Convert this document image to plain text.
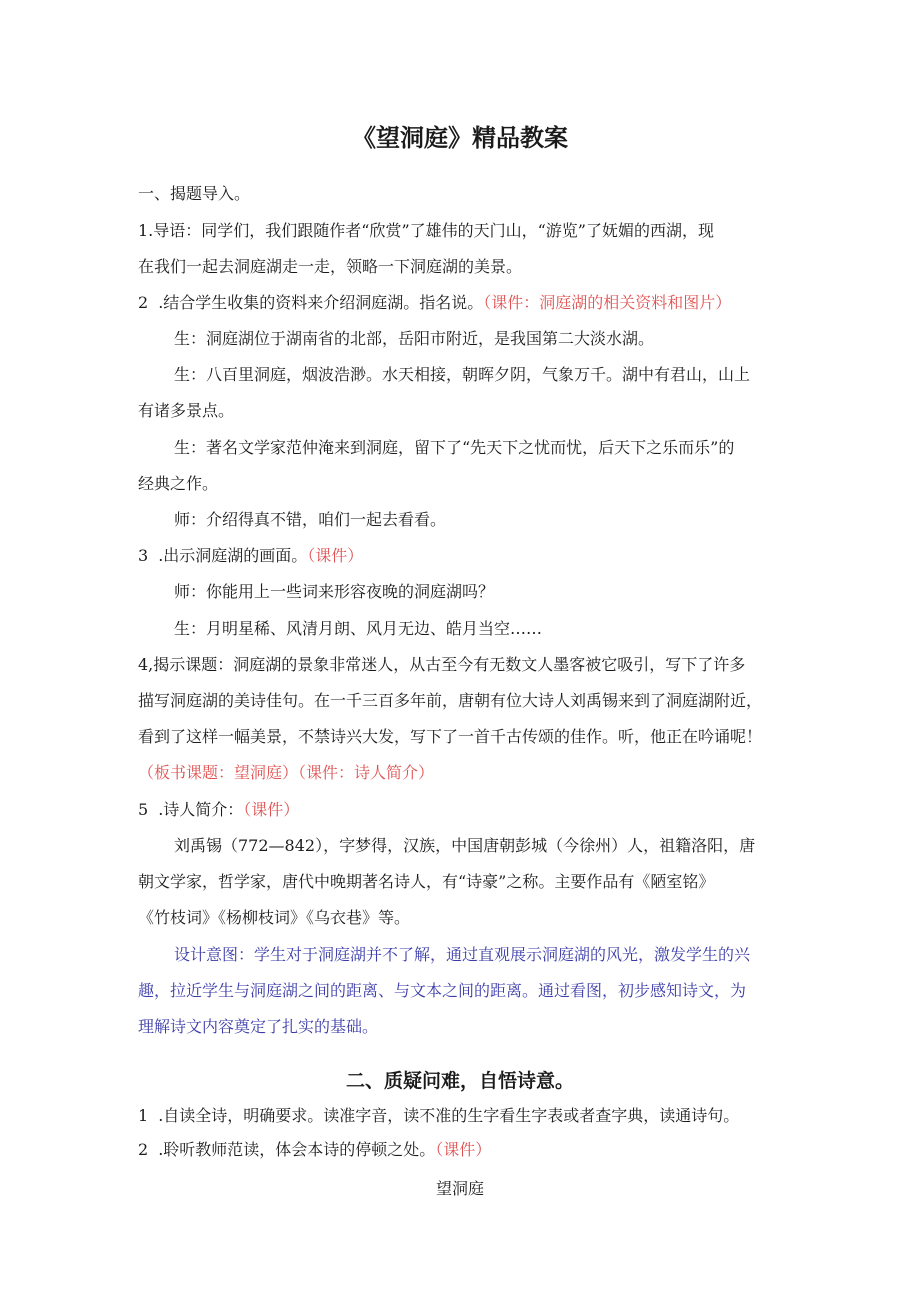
《望洞庭》精品教案
一、揭题导入。
1.导语：同学们，我们跟随作者“欣赏”了雄伟的天门山，“游览”了妩媚的西湖，现
在我们一起去洞庭湖走一走，领略一下洞庭湖的美景。
2 .结合学生收集的资料来介绍洞庭湖。指名说。（课件：洞庭湖的相关资料和图片）
生：洞庭湖位于湖南省的北部，岳阳市附近，是我国第二大淡水湖。
生：八百里洞庭，烟波浩渺。水天相接，朝晖夕阴，气象万千。湖中有君山，山上
有诸多景点。
生：著名文学家范仲淹来到洞庭，留下了“先天下之忧而忧，后天下之乐而乐”的
经典之作。
师：介绍得真不错，咱们一起去看看。
3 .出示洞庭湖的画面。（课件）
师：你能用上一些词来形容夜晚的洞庭湖吗？
生：月明星稀、风清月朗、风月无边、皓月当空……
4,揭示课题：洞庭湖的景象非常迷人，从古至今有无数文人墨客被它吸引，写下了许多
描写洞庭湖的美诗佳句。在一千三百多年前，唐朝有位大诗人刘禹锡来到了洞庭湖附近，
看到了这样一幅美景，不禁诗兴大发，写下了一首千古传颂的佳作。听，他正在吟诵呢！
（板书课题：望洞庭）（课件：诗人简介）
5 .诗人简介：（课件）
刘禹锡（772—842），字梦得，汉族，中国唐朝彭城（今徐州）人，祖籍洛阳，唐
朝文学家，哲学家，唐代中晚期著名诗人，有“诗豪”之称。主要作品有《陋室铭》
《竹枝词》《杨柳枝词》《乌衣巷》等。
设计意图：学生对于洞庭湖并不了解，通过直观展示洞庭湖的风光，激发学生的兴
趣，拉近学生与洞庭湖之间的距离、与文本之间的距离。通过看图，初步感知诗文，为
理解诗文内容奠定了扎实的基础。
二、质疑问难，自悟诗意。
1 .自读全诗，明确要求。读准字音，读不准的生字看生字表或者查字典，读通诗句。
2 .聆听教师范读，体会本诗的停顿之处。（课件）
望洞庭
